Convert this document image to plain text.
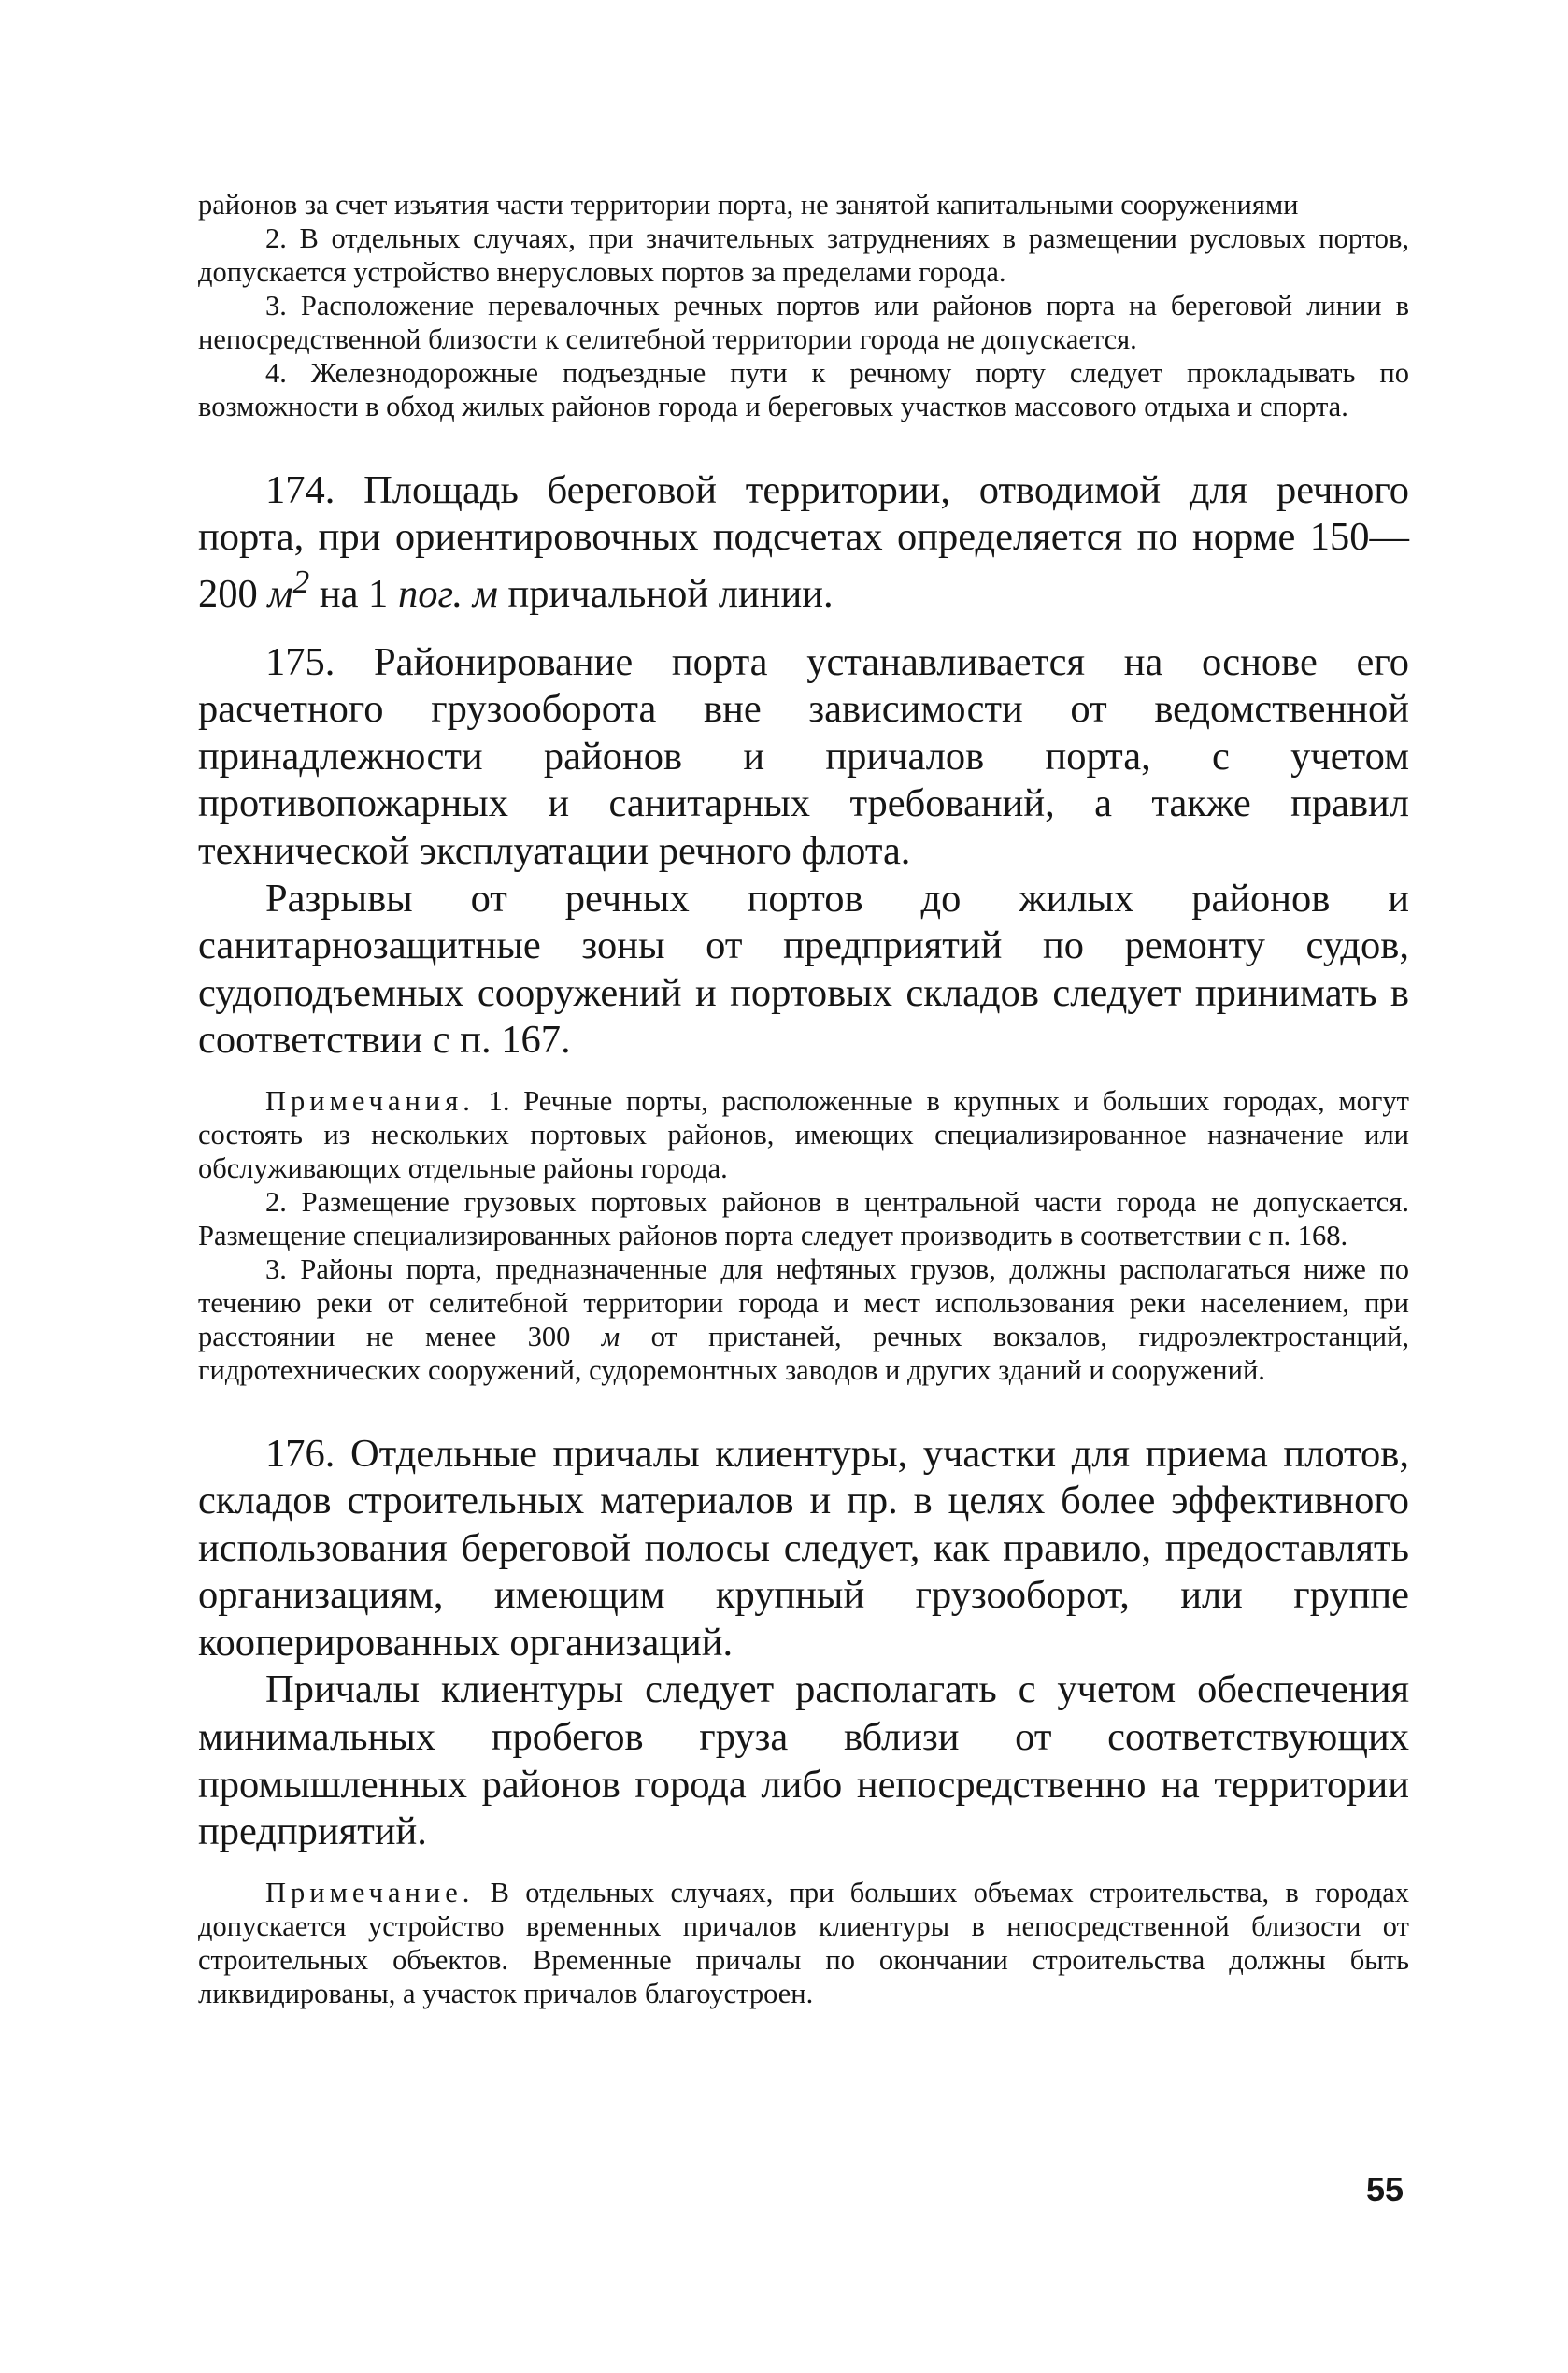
районов за счет изъятия части территории порта, не занятой капитальными сооружениями

2. В отдельных случаях, при значительных затруднениях в размещении русловых портов, допускается устройство внерусловых портов за пределами города.

3. Расположение перевалочных речных портов или районов порта на береговой линии в непосредственной близости к селитебной территории города не допускается.

4. Железнодорожные подъездные пути к речному порту следует прокладывать по возможности в обход жилых районов города и береговых участков массового отдыха и спорта.

174. Площадь береговой территории, отводимой для речного порта, при ориентировочных подсчетах определяется по норме 150—200 $м^2$ на 1 пог. м причальной линии.

175. Районирование порта устанавливается на основе его расчетного грузооборота вне зависимости от ведомственной принадлежности районов и причалов порта, с учетом противопожарных и санитарных требований, а также правил технической эксплуатации речного флота.

Разрывы от речных портов до жилых районов и санитарнозащитные зоны от предприятий по ремонту судов, судоподъемных сооружений и портовых складов следует принимать в соответствии с п. 167.

Примечания. 1. Речные порты, расположенные в крупных и больших городах, могут состоять из нескольких портовых районов, имеющих специализированное назначение или обслуживающих отдельные районы города.

2. Размещение грузовых портовых районов в центральной части города не допускается. Размещение специализированных районов порта следует производить в соответствии с п. 168.

3. Районы порта, предназначенные для нефтяных грузов, должны располагаться ниже по течению реки от селитебной территории города и мест использования реки населением, при расстоянии не менее 300 м от пристаней, речных вокзалов, гидроэлектростанций, гидротехнических сооружений, судоремонтных заводов и других зданий и сооружений.

176. Отдельные причалы клиентуры, участки для приема плотов, складов строительных материалов и пр. в целях более эффективного использования береговой полосы следует, как правило, предоставлять организациям, имеющим крупный грузооборот, или группе кооперированных организаций.

Причалы клиентуры следует располагать с учетом обеспечения минимальных пробегов груза вблизи от соответствующих промышленных районов города либо непосредственно на территории предприятий.

Примечание. В отдельных случаях, при больших объемах строительства, в городах допускается устройство временных причалов клиентуры в непосредственной близости от строительных объектов. Временные причалы по окончании строительства должны быть ликвидированы, а участок причалов благоустроен.

55
